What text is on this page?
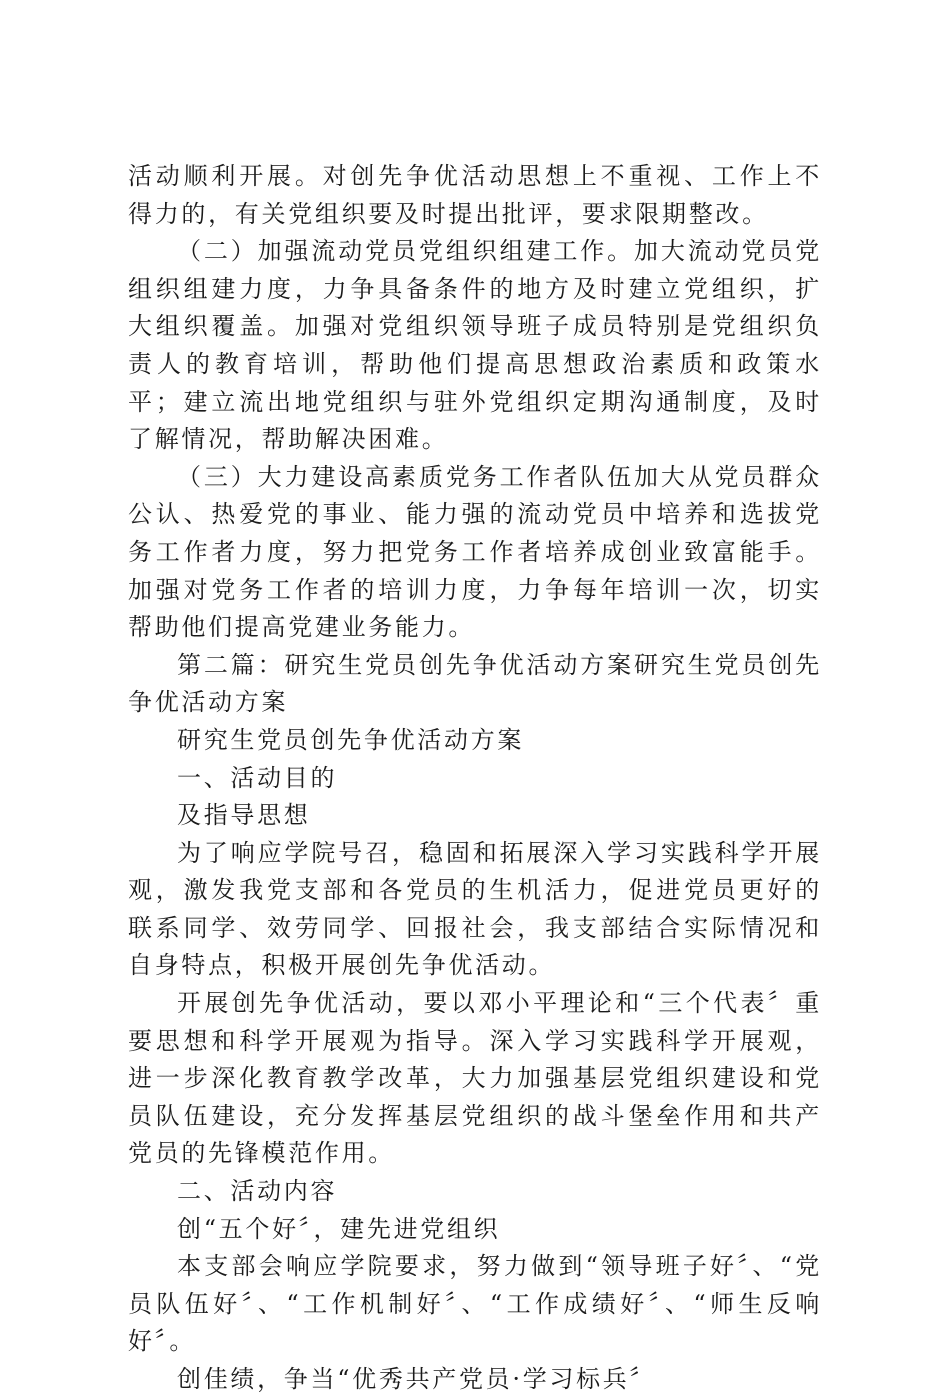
活动顺利开展。对创先争优活动思想上不重视、工作上不得力的，有关党组织要及时提出批评，要求限期整改。

（二）加强流动党员党组织组建工作。加大流动党员党组织组建力度，力争具备条件的地方及时建立党组织，扩大组织覆盖。加强对党组织领导班子成员特别是党组织负责人的教育培训，帮助他们提高思想政治素质和政策水平；建立流出地党组织与驻外党组织定期沟通制度，及时了解情况，帮助解决困难。

（三）大力建设高素质党务工作者队伍加大从党员群众公认、热爱党的事业、能力强的流动党员中培养和选拔党务工作者力度，努力把党务工作者培养成创业致富能手。加强对党务工作者的培训力度，力争每年培训一次，切实帮助他们提高党建业务能力。

第二篇：研究生党员创先争优活动方案研究生党员创先争优活动方案

研究生党员创先争优活动方案

一、活动目的

及指导思想

为了响应学院号召，稳固和拓展深入学习实践科学开展观，激发我党支部和各党员的生机活力，促进党员更好的联系同学、效劳同学、回报社会，我支部结合实际情况和自身特点，积极开展创先争优活动。

开展创先争优活动，要以邓小平理论和“三个代表〞重要思想和科学开展观为指导。深入学习实践科学开展观，进一步深化教育教学改革，大力加强基层党组织建设和党员队伍建设，充分发挥基层党组织的战斗堡垒作用和共产党员的先锋模范作用。

二、活动内容

创“五个好〞，建先进党组织

本支部会响应学院要求，努力做到“领导班子好〞、“党员队伍好〞、“工作机制好〞、“工作成绩好〞、“师生反响好〞。

创佳绩，争当“优秀共产党员·学习标兵〞
